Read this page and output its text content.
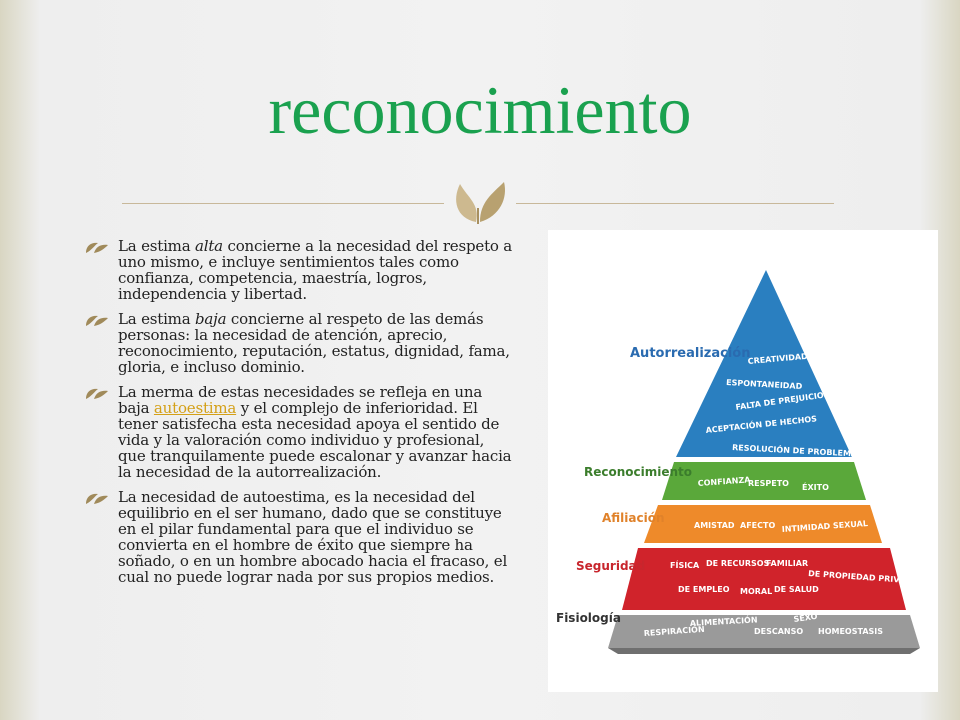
reconocimiento
La estima alta concierne a la necesidad del respeto a uno mismo, e incluye sentimientos tales como confianza, competencia, maestría, logros, independencia y libertad.
La estima baja concierne al respeto de las demás personas: la necesidad de atención, aprecio, reconocimiento, reputación, estatus, dignidad, fama, gloria, e incluso dominio.
La merma de estas necesidades se refleja en una baja autoestima y el complejo de inferioridad. El tener satisfecha esta necesidad apoya el sentido de vida y la valoración como individuo y profesional, que tranquilamente puede escalonar y avanzar hacia la necesidad de la autorrealización.
La necesidad de autoestima, es la necesidad del equilibrio en el ser humano, dado que se constituye en el pilar fundamental para que el individuo se convierta en el hombre de éxito que siempre ha soñado, o en un hombre abocado hacia el fracaso, el cual no puede lograr nada por sus propios medios.
Autorrealización
Reconocimiento
Afiliación
Seguridad
Fisiología
MORALIDAD
CREATIVIDAD
ESPONTANEIDAD
FALTA DE PREJUICIOS
ACEPTACIÓN DE HECHOS
RESOLUCIÓN DE PROBLEMAS
CONFIANZA
RESPETO ÉXITO
AMISTAD AFECTO INTIMIDAD SEXUAL
FÍSICA DE RECURSOS
FAMILIAR
DE PROPIEDAD PRIVADA
DE EMPLEO MORAL DE SALUD
RESPIRACIÓN
ALIMENTACIÓN
DESCANSO
SEXO
HOMEOSTASIS
